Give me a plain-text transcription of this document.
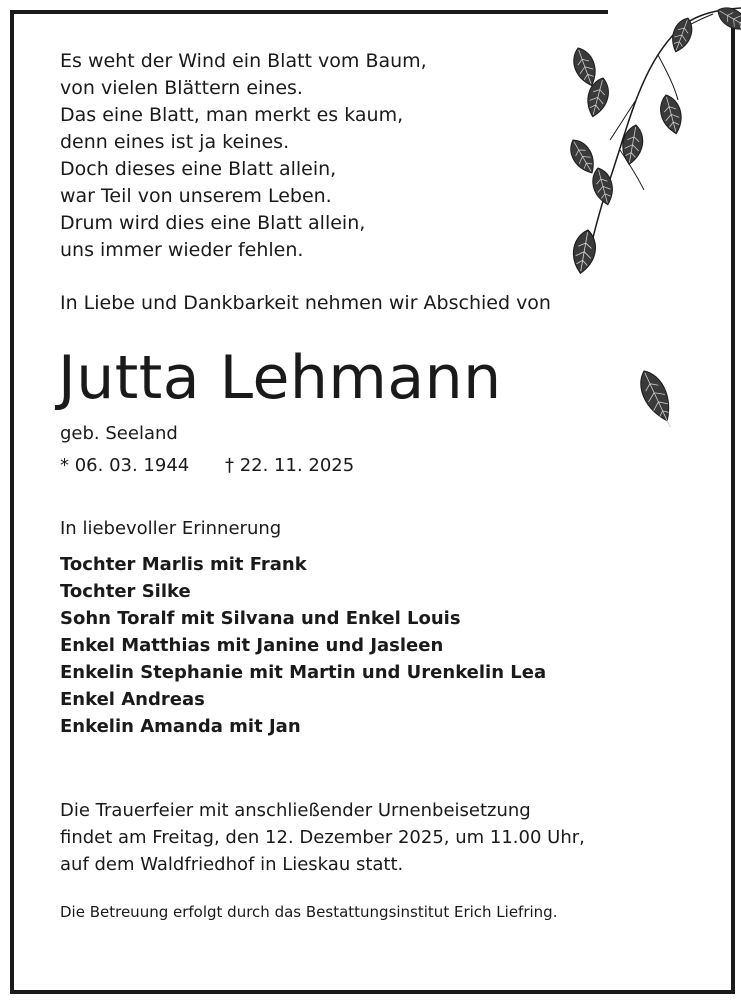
Es weht der Wind ein Blatt vom Baum,
von vielen Blättern eines.
Das eine Blatt, man merkt es kaum,
denn eines ist ja keines.
Doch dieses eine Blatt allein,
war Teil von unserem Leben.
Drum wird dies eine Blatt allein,
uns immer wieder fehlen.
In Liebe und Dankbarkeit nehmen wir Abschied von
Jutta Lehmann
geb. Seeland
* 06. 03. 1944 † 22. 11. 2025
In liebevoller Erinnerung
Tochter Marlis mit Frank
Tochter Silke
Sohn Toralf mit Silvana und Enkel Louis
Enkel Matthias mit Janine und Jasleen
Enkelin Stephanie mit Martin und Urenkelin Lea
Enkel Andreas
Enkelin Amanda mit Jan
Die Trauerfeier mit anschließender Urnenbeisetzung
findet am Freitag, den 12. Dezember 2025, um 11.00 Uhr,
auf dem Waldfriedhof in Lieskau statt.
Die Betreuung erfolgt durch das Bestattungsinstitut Erich Liefring.
